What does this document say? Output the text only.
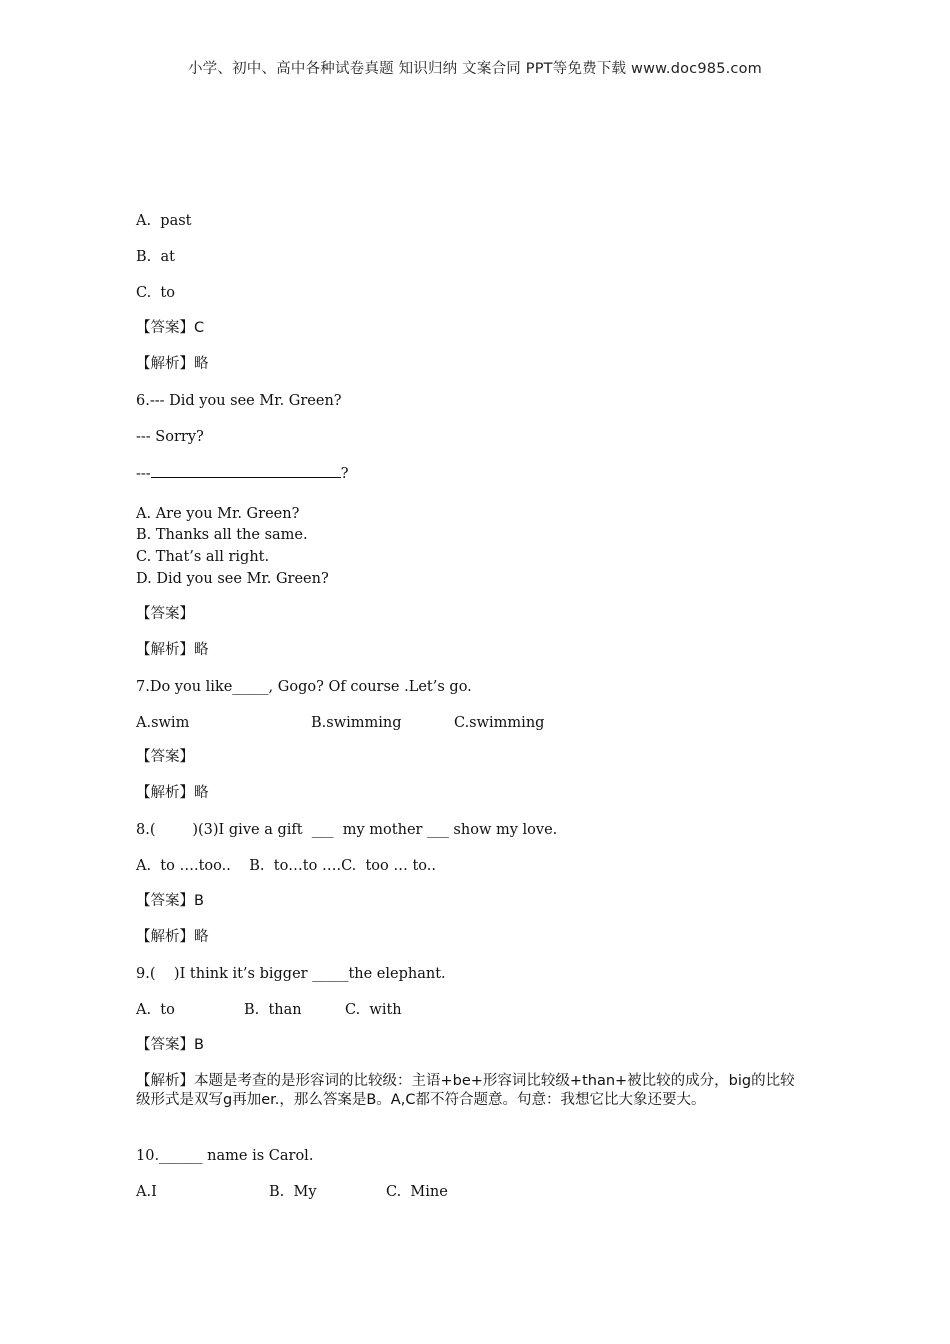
小学、初中、高中各种试卷真题 知识归纳 文案合同 PPT等免费下载 www.doc985.com
A.  past
B.  at
C.  to
【答案】C
【解析】略
6.--- Did you see Mr. Green?
--- Sorry?
---	?
A. Are you Mr. Green?
B. Thanks all the same.
C. That’s all right.
D. Did you see Mr. Green?
【答案】
【解析】略
7.Do you like_____, Gogo? Of course .Let’s go.
A.swim	B.swimming	C.swimming
【答案】
【解析】略
8.(        )(3)I give a gift  ___  my mother ___ show my love.
A.  to ….too..    B.  to…to ….C.  too … to..
【答案】B
【解析】略
9.(    )I think it’s bigger _____the elephant.
A.  to	B.  than	C.  with
【答案】B
【解析】本题是考查的是形容词的比较级：主语+be+形容词比较级+than+被比较的成分，big的比较级形式是双写g再加er.，那么答案是B。A,C都不符合题意。句意：我想它比大象还要大。
10.______ name is Carol.
A.I	B.  My	C.  Mine
